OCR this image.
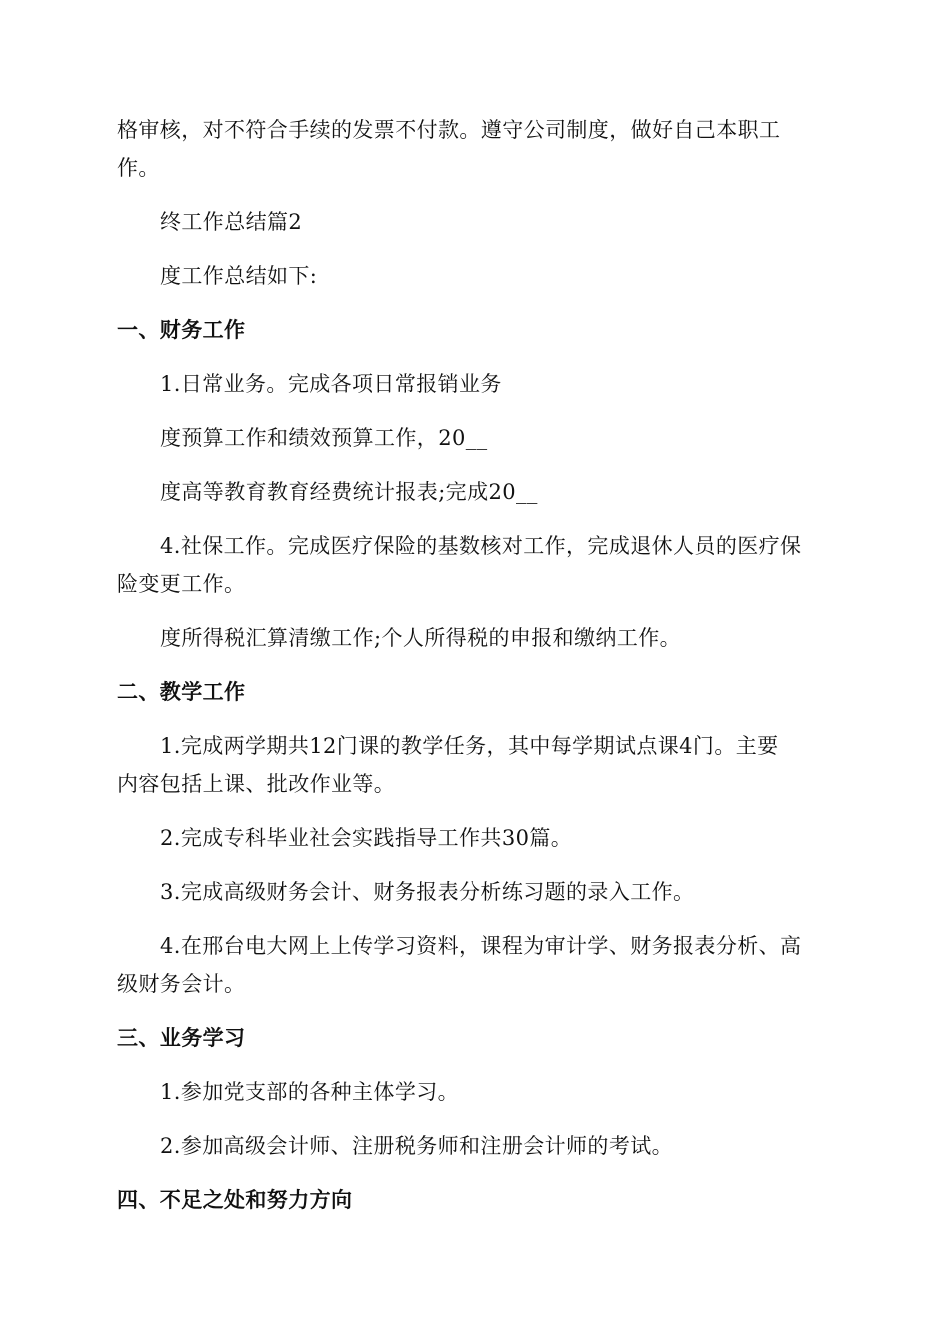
格审核，对不符合手续的发票不付款。遵守公司制度，做好自己本职工
作。
终工作总结篇2
度工作总结如下:
一、财务工作
1.日常业务。完成各项日常报销业务
度预算工作和绩效预算工作，20__
度高等教育教育经费统计报表;完成20__
4.社保工作。完成医疗保险的基数核对工作，完成退休人员的医疗保
险变更工作。
度所得税汇算清缴工作;个人所得税的申报和缴纳工作。
二、教学工作
1.完成两学期共12门课的教学任务，其中每学期试点课4门。主要
内容包括上课、批改作业等。
2.完成专科毕业社会实践指导工作共30篇。
3.完成高级财务会计、财务报表分析练习题的录入工作。
4.在邢台电大网上上传学习资料，课程为审计学、财务报表分析、高
级财务会计。
三、业务学习
1.参加党支部的各种主体学习。
2.参加高级会计师、注册税务师和注册会计师的考试。
四、不足之处和努力方向
